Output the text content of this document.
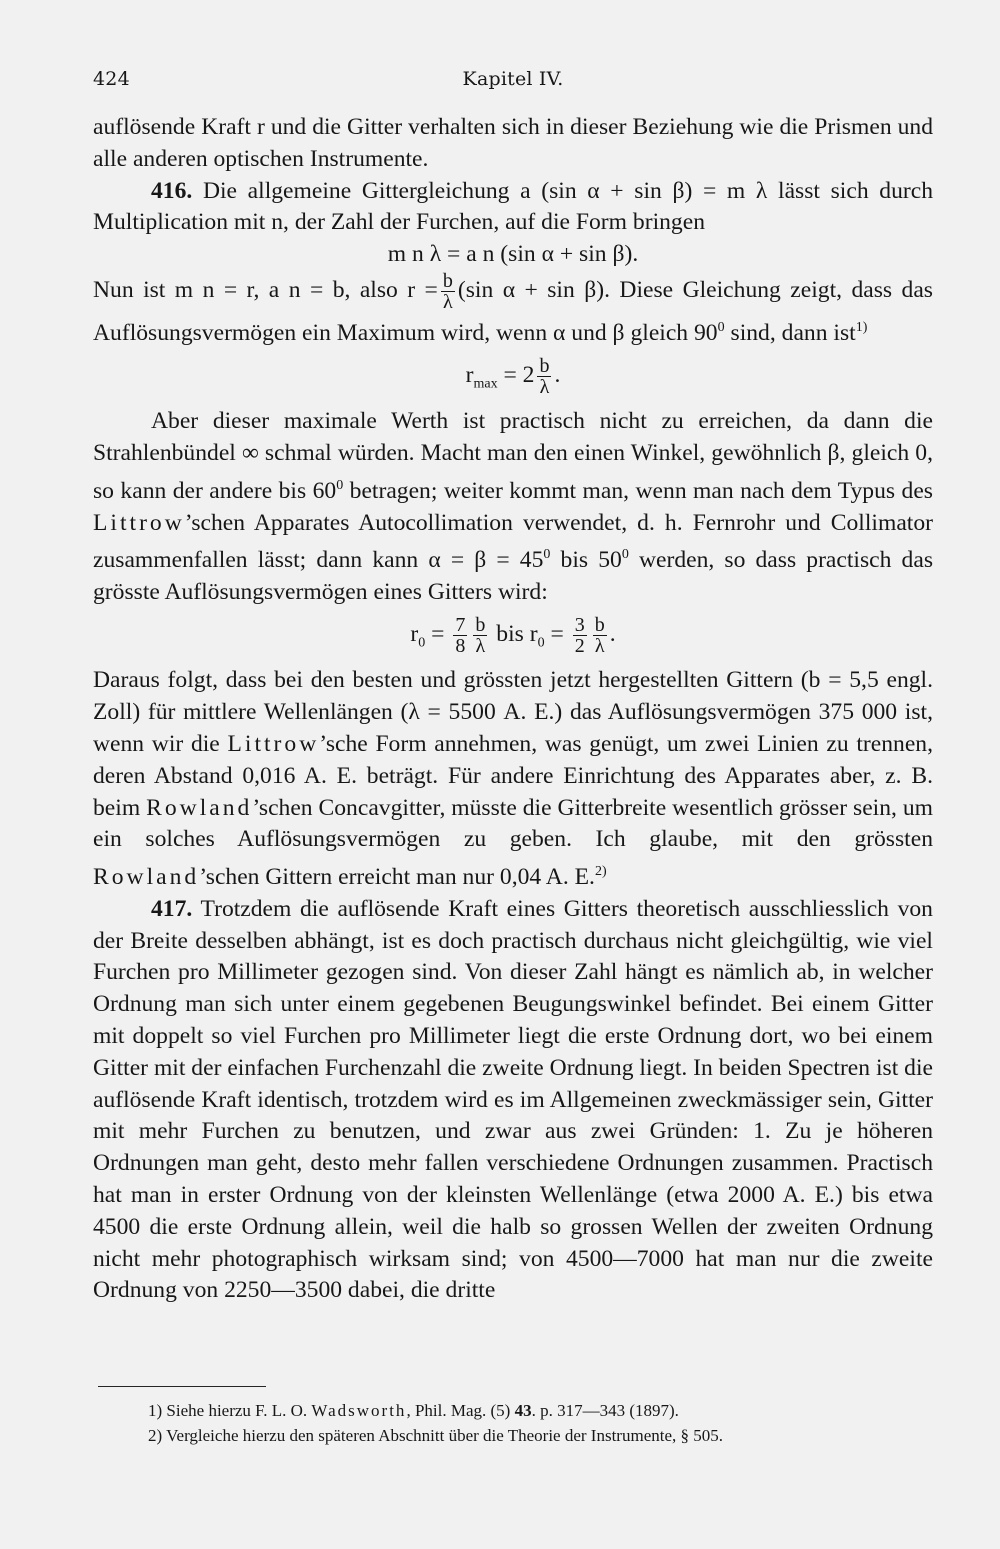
424	Kapitel IV.

auflösende Kraft r und die Gitter verhalten sich in dieser Beziehung wie die Prismen und alle anderen optischen Instrumente.

416. Die allgemeine Gittergleichung a (sin α + sin β) = m λ lässt sich durch Multiplication mit n, der Zahl der Furchen, auf die Form bringen

m n λ = a n (sin α + sin β).

Nun ist m n = r, a n = b, also $r = \frac{b}{\lambda} (\sin$ α + sin β). Diese Gleichung zeigt, dass das Auflösungsvermögen ein Maximum wird, wenn α und β gleich $90^0$ sind, dann ist$^{1)}$

$r_{max} = 2 \frac{b}{\lambda}$ .

Aber dieser maximale Werth ist practisch nicht zu erreichen, da dann die Strahlenbündel ∞ schmal würden. Macht man den einen Winkel, gewöhnlich β, gleich 0, so kann der andere bis $60^0$ betragen; weiter kommt man, wenn man nach dem Typus des Littrow’schen Apparates Autocollimation verwendet, d. h. Fernrohr und Collimator zusammenfallen lässt; dann kann $\alpha = \beta = 45^0$ bis $50^0$ werden, so dass practisch das grösste Auflösungsvermögen eines Gitters wird:

$r_0 = \frac{7}{8} \frac{b}{\lambda}$ bis $r_0 = \frac{3}{2} \frac{b}{\lambda}$ .

Daraus folgt, dass bei den besten und grössten jetzt hergestellten Gittern (b = 5,5 engl. Zoll) für mittlere Wellenlängen (λ = 5500 A. E.) das Auflösungsvermögen 375 000 ist, wenn wir die Littrow’sche Form annehmen, was genügt, um zwei Linien zu trennen, deren Abstand 0,016 A. E. beträgt. Für andere Einrichtung des Apparates aber, z. B. beim Rowland’schen Concavgitter, müsste die Gitterbreite wesentlich grösser sein, um ein solches Auflösungsvermögen zu geben. Ich glaube, mit den grössten Rowland’schen Gittern erreicht man nur 0,04 A. E.$^{2)}$

417. Trotzdem die auflösende Kraft eines Gitters theoretisch ausschliesslich von der Breite desselben abhängt, ist es doch practisch durchaus nicht gleichgültig, wie viel Furchen pro Millimeter gezogen sind. Von dieser Zahl hängt es nämlich ab, in welcher Ordnung man sich unter einem gegebenen Beugungswinkel befindet. Bei einem Gitter mit doppelt so viel Furchen pro Millimeter liegt die erste Ordnung dort, wo bei einem Gitter mit der einfachen Furchenzahl die zweite Ordnung liegt. In beiden Spectren ist die auflösende Kraft identisch, trotzdem wird es im Allgemeinen zweckmässiger sein, Gitter mit mehr Furchen zu benutzen, und zwar aus zwei Gründen: 1. Zu je höheren Ordnungen man geht, desto mehr fallen verschiedene Ordnungen zusammen. Practisch hat man in erster Ordnung von der kleinsten Wellenlänge (etwa 2000 A. E.) bis etwa 4500 die erste Ordnung allein, weil die halb so grossen Wellen der zweiten Ordnung nicht mehr photographisch wirksam sind; von 4500—7000 hat man nur die zweite Ordnung von 2250—3500 dabei, die dritte

1) Siehe hierzu F. L. O. Wadsworth, Phil. Mag. (5) 43. p. 317—343 (1897).
2) Vergleiche hierzu den späteren Abschnitt über die Theorie der Instrumente, § 505.
